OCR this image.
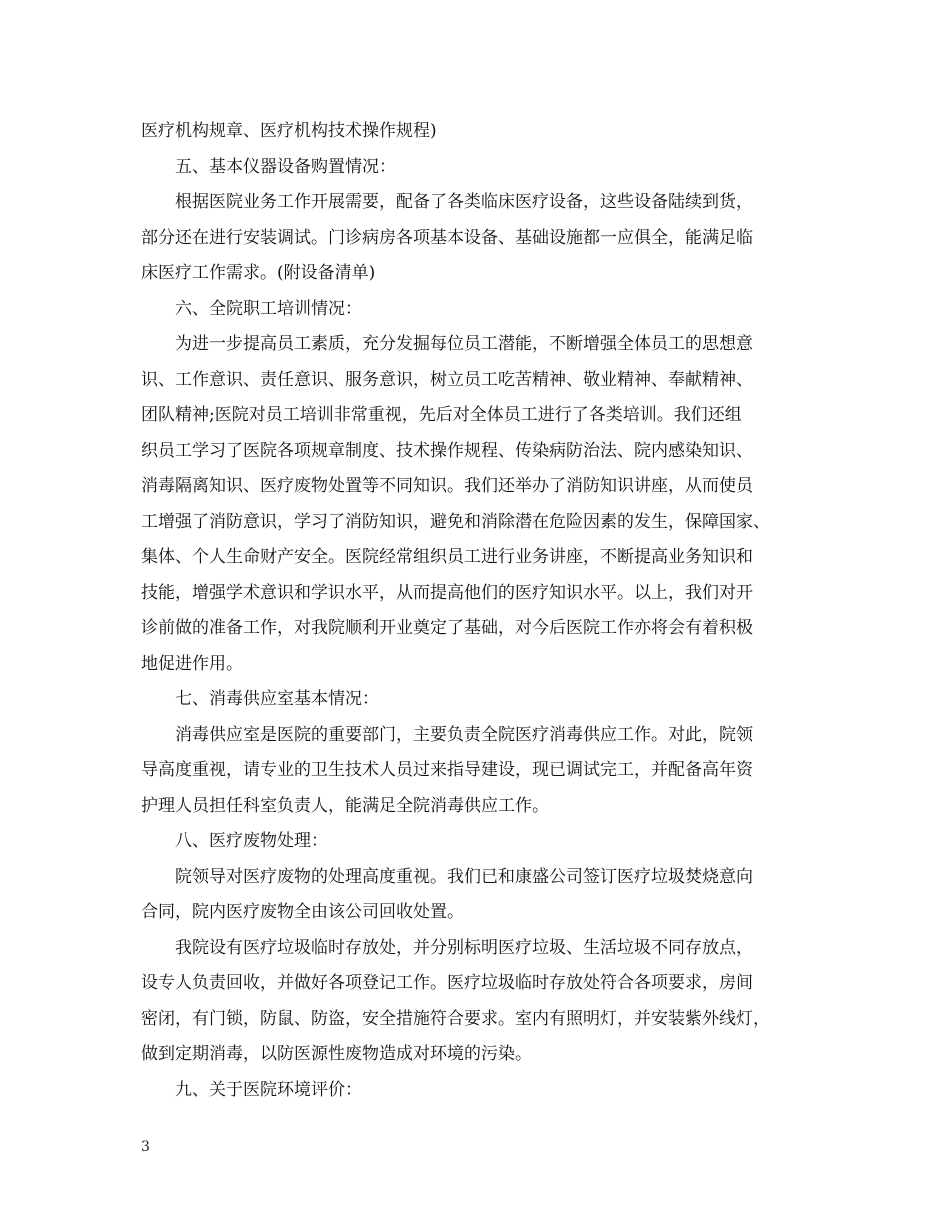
医疗机构规章、医疗机构技术操作规程)
五、基本仪器设备购置情况：
根据医院业务工作开展需要，配备了各类临床医疗设备，这些设备陆续到货，
部分还在进行安装调试。门诊病房各项基本设备、基础设施都一应俱全，能满足临
床医疗工作需求。(附设备清单)
六、全院职工培训情况：
为进一步提高员工素质，充分发掘每位员工潜能，不断增强全体员工的思想意
识、工作意识、责任意识、服务意识，树立员工吃苦精神、敬业精神、奉献精神、
团队精神;医院对员工培训非常重视，先后对全体员工进行了各类培训。我们还组
织员工学习了医院各项规章制度、技术操作规程、传染病防治法、院内感染知识、
消毒隔离知识、医疗废物处置等不同知识。我们还举办了消防知识讲座，从而使员
工增强了消防意识，学习了消防知识，避免和消除潜在危险因素的发生，保障国家、
集体、个人生命财产安全。医院经常组织员工进行业务讲座，不断提高业务知识和
技能，增强学术意识和学识水平，从而提高他们的医疗知识水平。以上，我们对开
诊前做的准备工作，对我院顺利开业奠定了基础，对今后医院工作亦将会有着积极
地促进作用。
七、消毒供应室基本情况：
消毒供应室是医院的重要部门，主要负责全院医疗消毒供应工作。对此，院领
导高度重视，请专业的卫生技术人员过来指导建设，现已调试完工，并配备高年资
护理人员担任科室负责人，能满足全院消毒供应工作。
八、医疗废物处理：
院领导对医疗废物的处理高度重视。我们已和康盛公司签订医疗垃圾焚烧意向
合同，院内医疗废物全由该公司回收处置。
我院设有医疗垃圾临时存放处，并分别标明医疗垃圾、生活垃圾不同存放点，
设专人负责回收，并做好各项登记工作。医疗垃圾临时存放处符合各项要求，房间
密闭，有门锁，防鼠、防盗，安全措施符合要求。室内有照明灯，并安装紫外线灯，
做到定期消毒，以防医源性废物造成对环境的污染。
九、关于医院环境评价：
3
